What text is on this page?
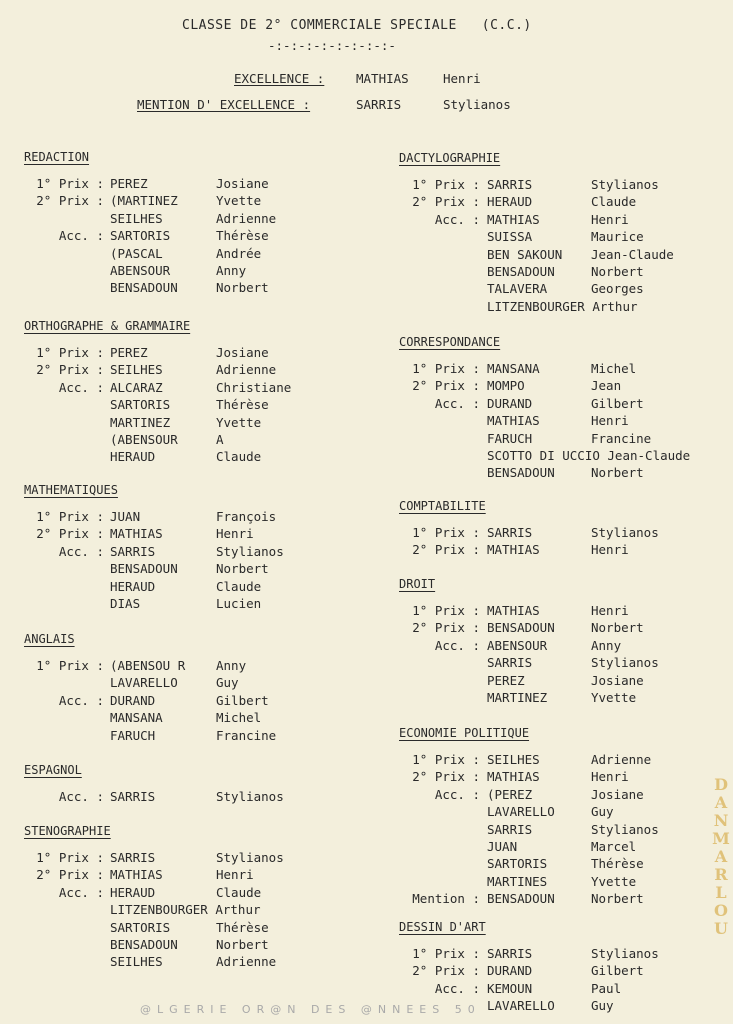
CLASSE DE 2° COMMERCIALE SPECIALE   (C.C.)
-:-:-:-:-:-:-:-:-
EXCELLENCE :	MATHIAS	Henri
MENTION D' EXCELLENCE :	SARRIS	Stylianos
REDACTION
1° Prix : PEREZ	Josiane
2° Prix : (MARTINEZ	Yvette
SEILHES	Adrienne
Acc. : SARTORIS	Thérèse
(PASCAL	Andrée
ABENSOUR	Anny
BENSADOUN	Norbert
ORTHOGRAPHE & GRAMMAIRE
1° Prix : PEREZ	Josiane
2° Prix : SEILHES	Adrienne
Acc. : ALCARAZ	Christiane
SARTORIS	Thérèse
MARTINEZ	Yvette
(ABENSOUR	A
HERAUD	Claude
MATHEMATIQUES
1° Prix : JUAN	François
2° Prix : MATHIAS	Henri
Acc. : SARRIS	Stylianos
BENSADOUN	Norbert
HERAUD	Claude
DIAS	Lucien
ANGLAIS
1° Prix : (ABENSOU R Anny
LAVARELLO	Guy
Acc. : DURAND	Gilbert
MANSANA	Michel
FARUCH	Francine
ESPAGNOL
Acc. : SARRIS	Stylianos
STENOGRAPHIE
1° Prix : SARRIS	Stylianos
2° Prix : MATHIAS	Henri
Acc. : HERAUD	Claude
LITZENBOURGER Arthur
SARTORIS	Thérèse
BENSADOUN	Norbert
SEILHES	Adrienne
DACTYLOGRAPHIE
1° Prix : SARRIS	Stylianos
2° Prix : HERAUD	Claude
Acc. : MATHIAS	Henri
SUISSA	Maurice
BEN SAKOUN Jean-Claude
BENSADOUN	Norbert
TALAVERA	Georges
LITZENBOURGER Arthur
CORRESPONDANCE
1° Prix : MANSANA	Michel
2° Prix : MOMPO	Jean
Acc. : DURAND	Gilbert
MATHIAS	Henri
FARUCH	Francine
SCOTTO DI UCCIO Jean-Claude
BENSADOUN	Norbert
COMPTABILITE
1° Prix : SARRIS	Stylianos
2° Prix : MATHIAS	Henri
DROIT
1° Prix : MATHIAS	Henri
2° Prix : BENSADOUN	Norbert
Acc. : ABENSOUR	Anny
SARRIS	Stylianos
PEREZ	Josiane
MARTINEZ	Yvette
ECONOMIE POLITIQUE
1° Prix : SEILHES	Adrienne
2° Prix : MATHIAS	Henri
Acc. : (PEREZ	Josiane
LAVARELLO	Guy
SARRIS	Stylianos
JUAN	Marcel
SARTORIS	Thérèse
MARTINES	Yvette
Mention : BENSADOUN	Norbert
DESSIN D'ART
1° Prix : SARRIS	Stylianos
2° Prix : DURAND	Gilbert
Acc. : KEMOUN	Paul
LAVARELLO	Guy
D
A
N
M
A
R
L
O
U
@LGERIE OR@N DES @NNEES 50
